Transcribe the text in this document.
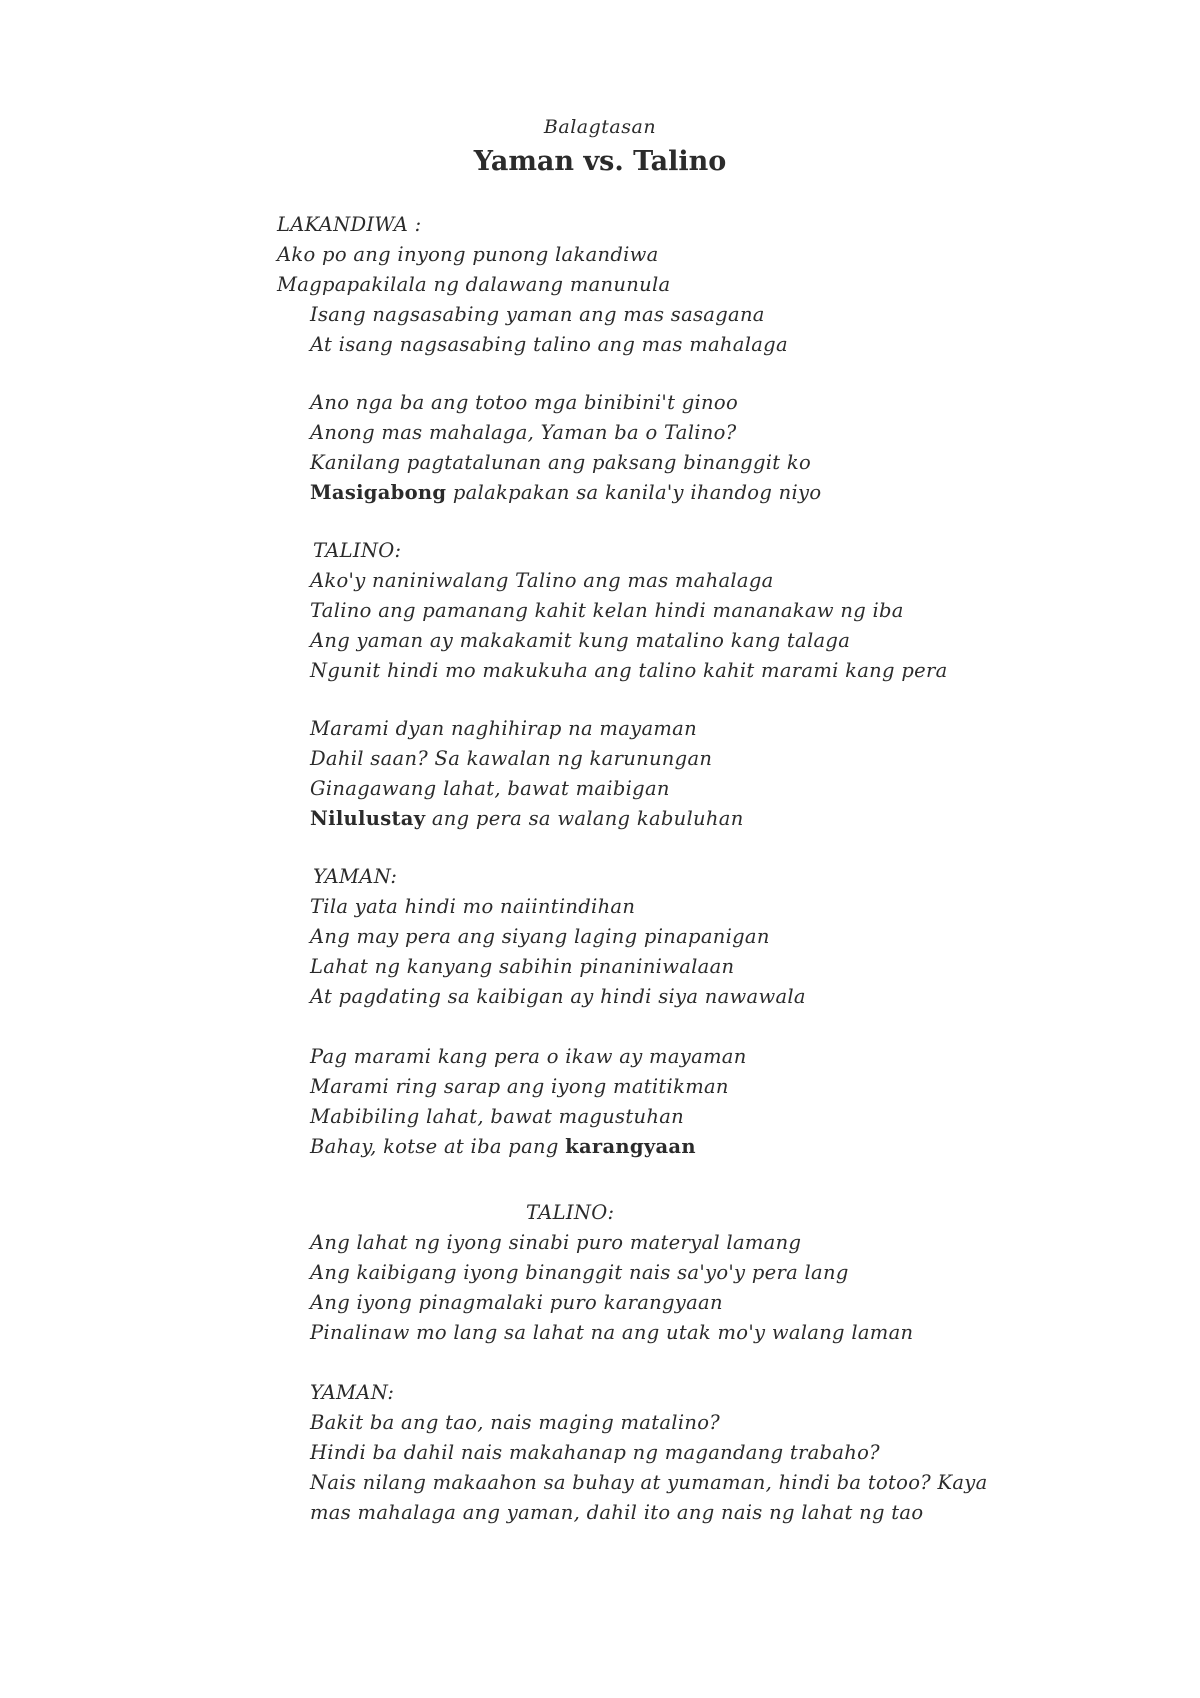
Balagtasan
Yaman vs. Talino
LAKANDIWA :
Ako po ang inyong punong lakandiwa
Magpapakilala ng dalawang manunula
Isang nagsasabing yaman ang mas sasagana
At isang nagsasabing talino ang mas mahalaga
Ano nga ba ang totoo mga binibini't ginoo
Anong mas mahalaga, Yaman ba o Talino?
Kanilang pagtatalunan ang paksang binanggit ko
Masigabong palakpakan sa kanila'y ihandog niyo
TALINO:
Ako'y naniniwalang Talino ang mas mahalaga
Talino ang pamanang kahit kelan hindi mananakaw ng iba
Ang yaman ay makakamit kung matalino kang talaga
Ngunit hindi mo makukuha ang talino kahit marami kang pera
Marami dyan naghihirap na mayaman
Dahil saan? Sa kawalan ng karunungan
Ginagawang lahat, bawat maibigan
Nilulustay ang pera sa walang kabuluhan
YAMAN:
Tila yata hindi mo naiintindihan
Ang may pera ang siyang laging pinapanigan
Lahat ng kanyang sabihin pinaniniwalaan
At pagdating sa kaibigan ay hindi siya nawawala
Pag marami kang pera o ikaw ay mayaman
Marami ring sarap ang iyong matitikman
Mabibiling lahat, bawat magustuhan
Bahay, kotse at iba pang karangyaan
TALINO:
Ang lahat ng iyong sinabi puro materyal lamang
Ang kaibigang iyong binanggit nais sa'yo'y pera lang
Ang iyong pinagmalaki puro karangyaan
Pinalinaw mo lang sa lahat na ang utak mo'y walang laman
YAMAN:
Bakit ba ang tao, nais maging matalino?
Hindi ba dahil nais makahanap ng magandang trabaho?
Nais nilang makaahon sa buhay at yumaman, hindi ba totoo? Kaya
mas mahalaga ang yaman, dahil ito ang nais ng lahat ng tao
